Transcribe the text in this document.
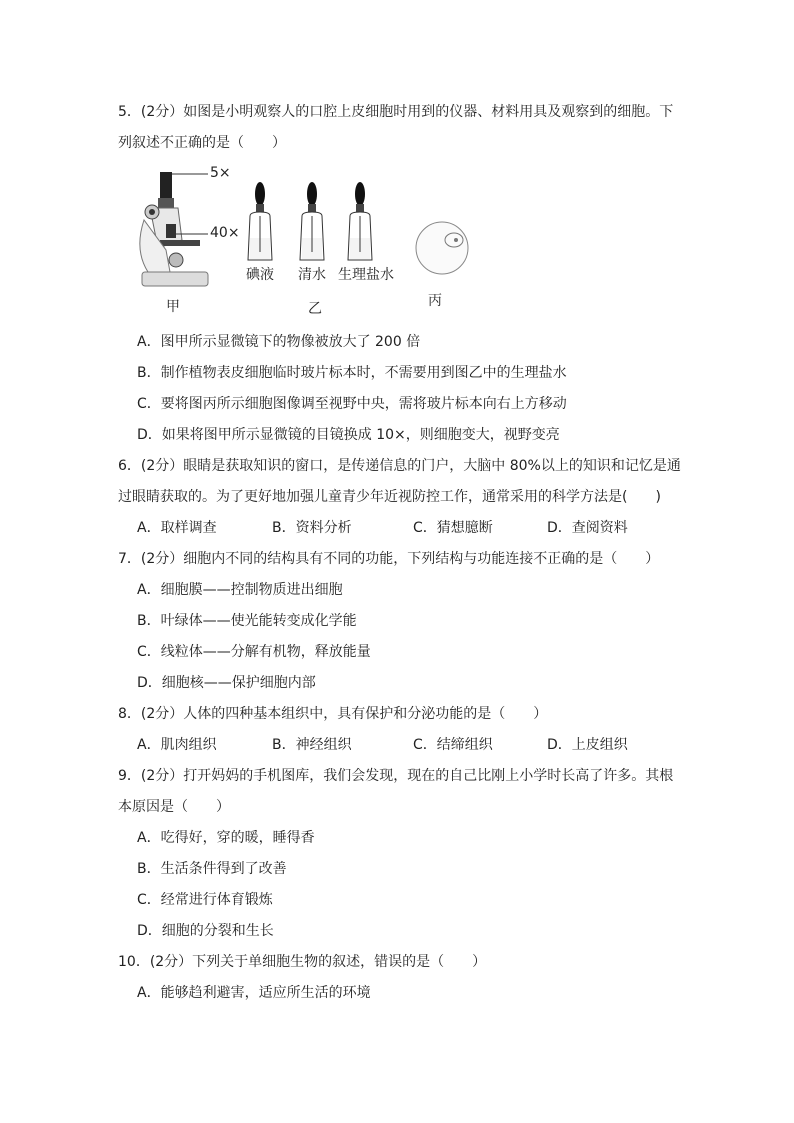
5．(2分）如图是小明观察人的口腔上皮细胞时用到的仪器、材料用具及观察到的细胞。下
列叙述不正确的是（　　）
5×
40×
碘液 清水 生理盐水
甲	乙	丙
A．图甲所示显微镜下的物像被放大了 200 倍
B．制作植物表皮细胞临时玻片标本时，不需要用到图乙中的生理盐水
C．要将图丙所示细胞图像调至视野中央，需将玻片标本向右上方移动
D．如果将图甲所示显微镜的目镜换成 10×，则细胞变大，视野变亮
6．(2分）眼睛是获取知识的窗口，是传递信息的门户，大脑中 80%以上的知识和记忆是通
过眼睛获取的。为了更好地加强儿童青少年近视防控工作，通常采用的科学方法是(　　)
A．取样调查	B．资料分析	C．猜想臆断	D．查阅资料
7．(2分）细胞内不同的结构具有不同的功能，下列结构与功能连接不正确的是（　　）
A．细胞膜——控制物质进出细胞
B．叶绿体——使光能转变成化学能
C．线粒体——分解有机物，释放能量
D．细胞核——保护细胞内部
8．(2分）人体的四种基本组织中，具有保护和分泌功能的是（　　）
A．肌肉组织	B．神经组织	C．结缔组织	D．上皮组织
9．(2分）打开妈妈的手机图库，我们会发现，现在的自己比刚上小学时长高了许多。其根
本原因是（　　）
A．吃得好，穿的暖，睡得香
B．生活条件得到了改善
C．经常进行体育锻炼
D．细胞的分裂和生长
10．(2分）下列关于单细胞生物的叙述，错误的是（　　）
A．能够趋利避害，适应所生活的环境
